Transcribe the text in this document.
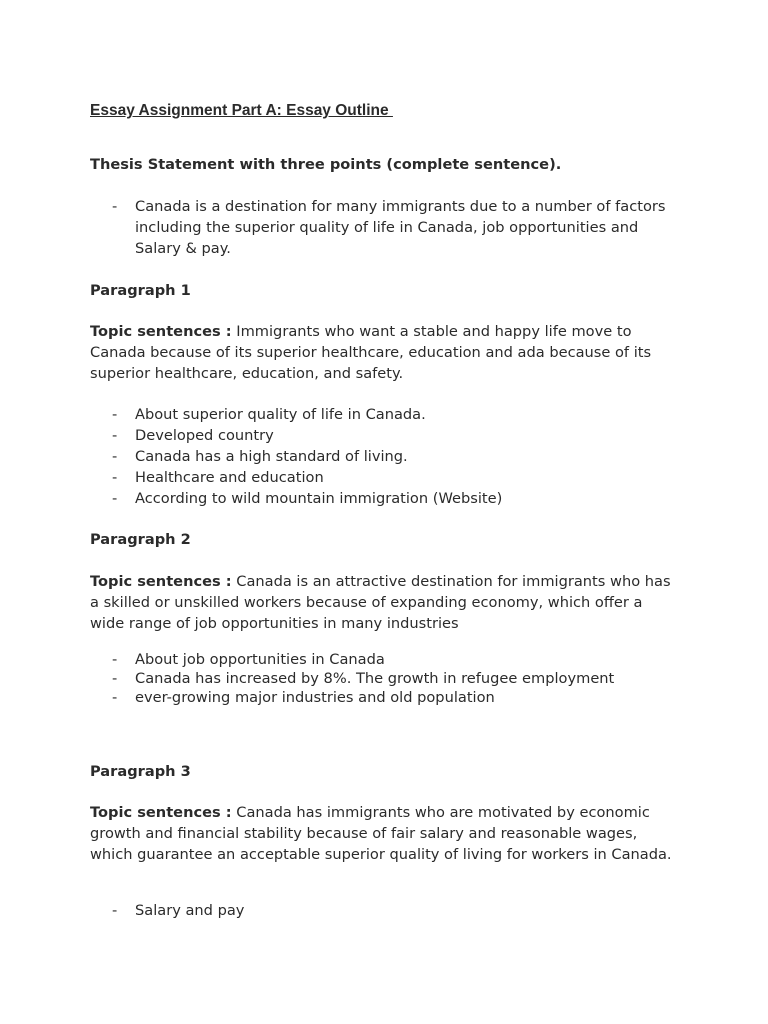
Essay Assignment Part A: Essay Outline
Thesis Statement with three points (complete sentence).
- Canada is a destination for many immigrants due to a number of factors including the superior quality of life in Canada, job opportunities and Salary & pay.
Paragraph 1
Topic sentences : Immigrants who want a stable and happy life move to Canada because of its superior healthcare, education and ada because of its superior healthcare, education, and safety.
- About superior quality of life in Canada.
- Developed country
- Canada has a high standard of living.
- Healthcare and education
- According to wild mountain immigration (Website)
Paragraph 2
Topic sentences : Canada is an attractive destination for immigrants who has a skilled or unskilled workers because of expanding economy, which offer a wide range of job opportunities in many industries
- About job opportunities in Canada
- Canada has increased by 8%. The growth in refugee employment
- ever-growing major industries and old population
Paragraph 3
Topic sentences : Canada has immigrants who are motivated by economic growth and financial stability because of fair salary and reasonable wages, which guarantee an acceptable superior quality of living for workers in Canada.
- Salary and pay
